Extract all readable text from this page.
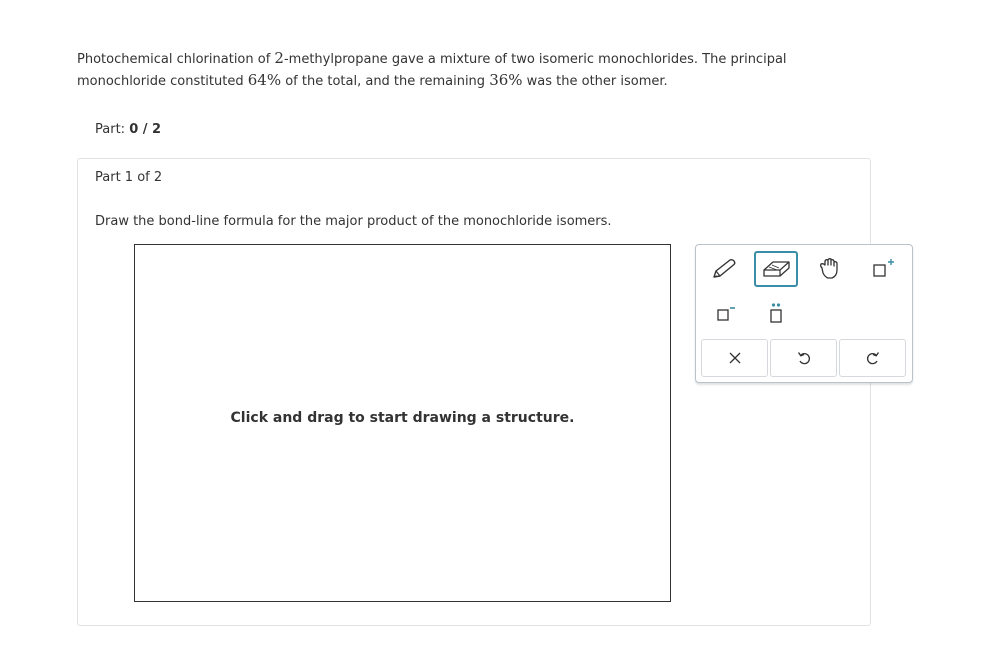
Photochemical chlorination of 2-methylpropane gave a mixture of two isomeric monochlorides. The principal monochloride constituted 64% of the total, and the remaining 36% was the other isomer.
Part: 0 / 2
Part 1 of 2
Draw the bond-line formula for the major product of the monochloride isomers.
Click and drag to start drawing a structure.
